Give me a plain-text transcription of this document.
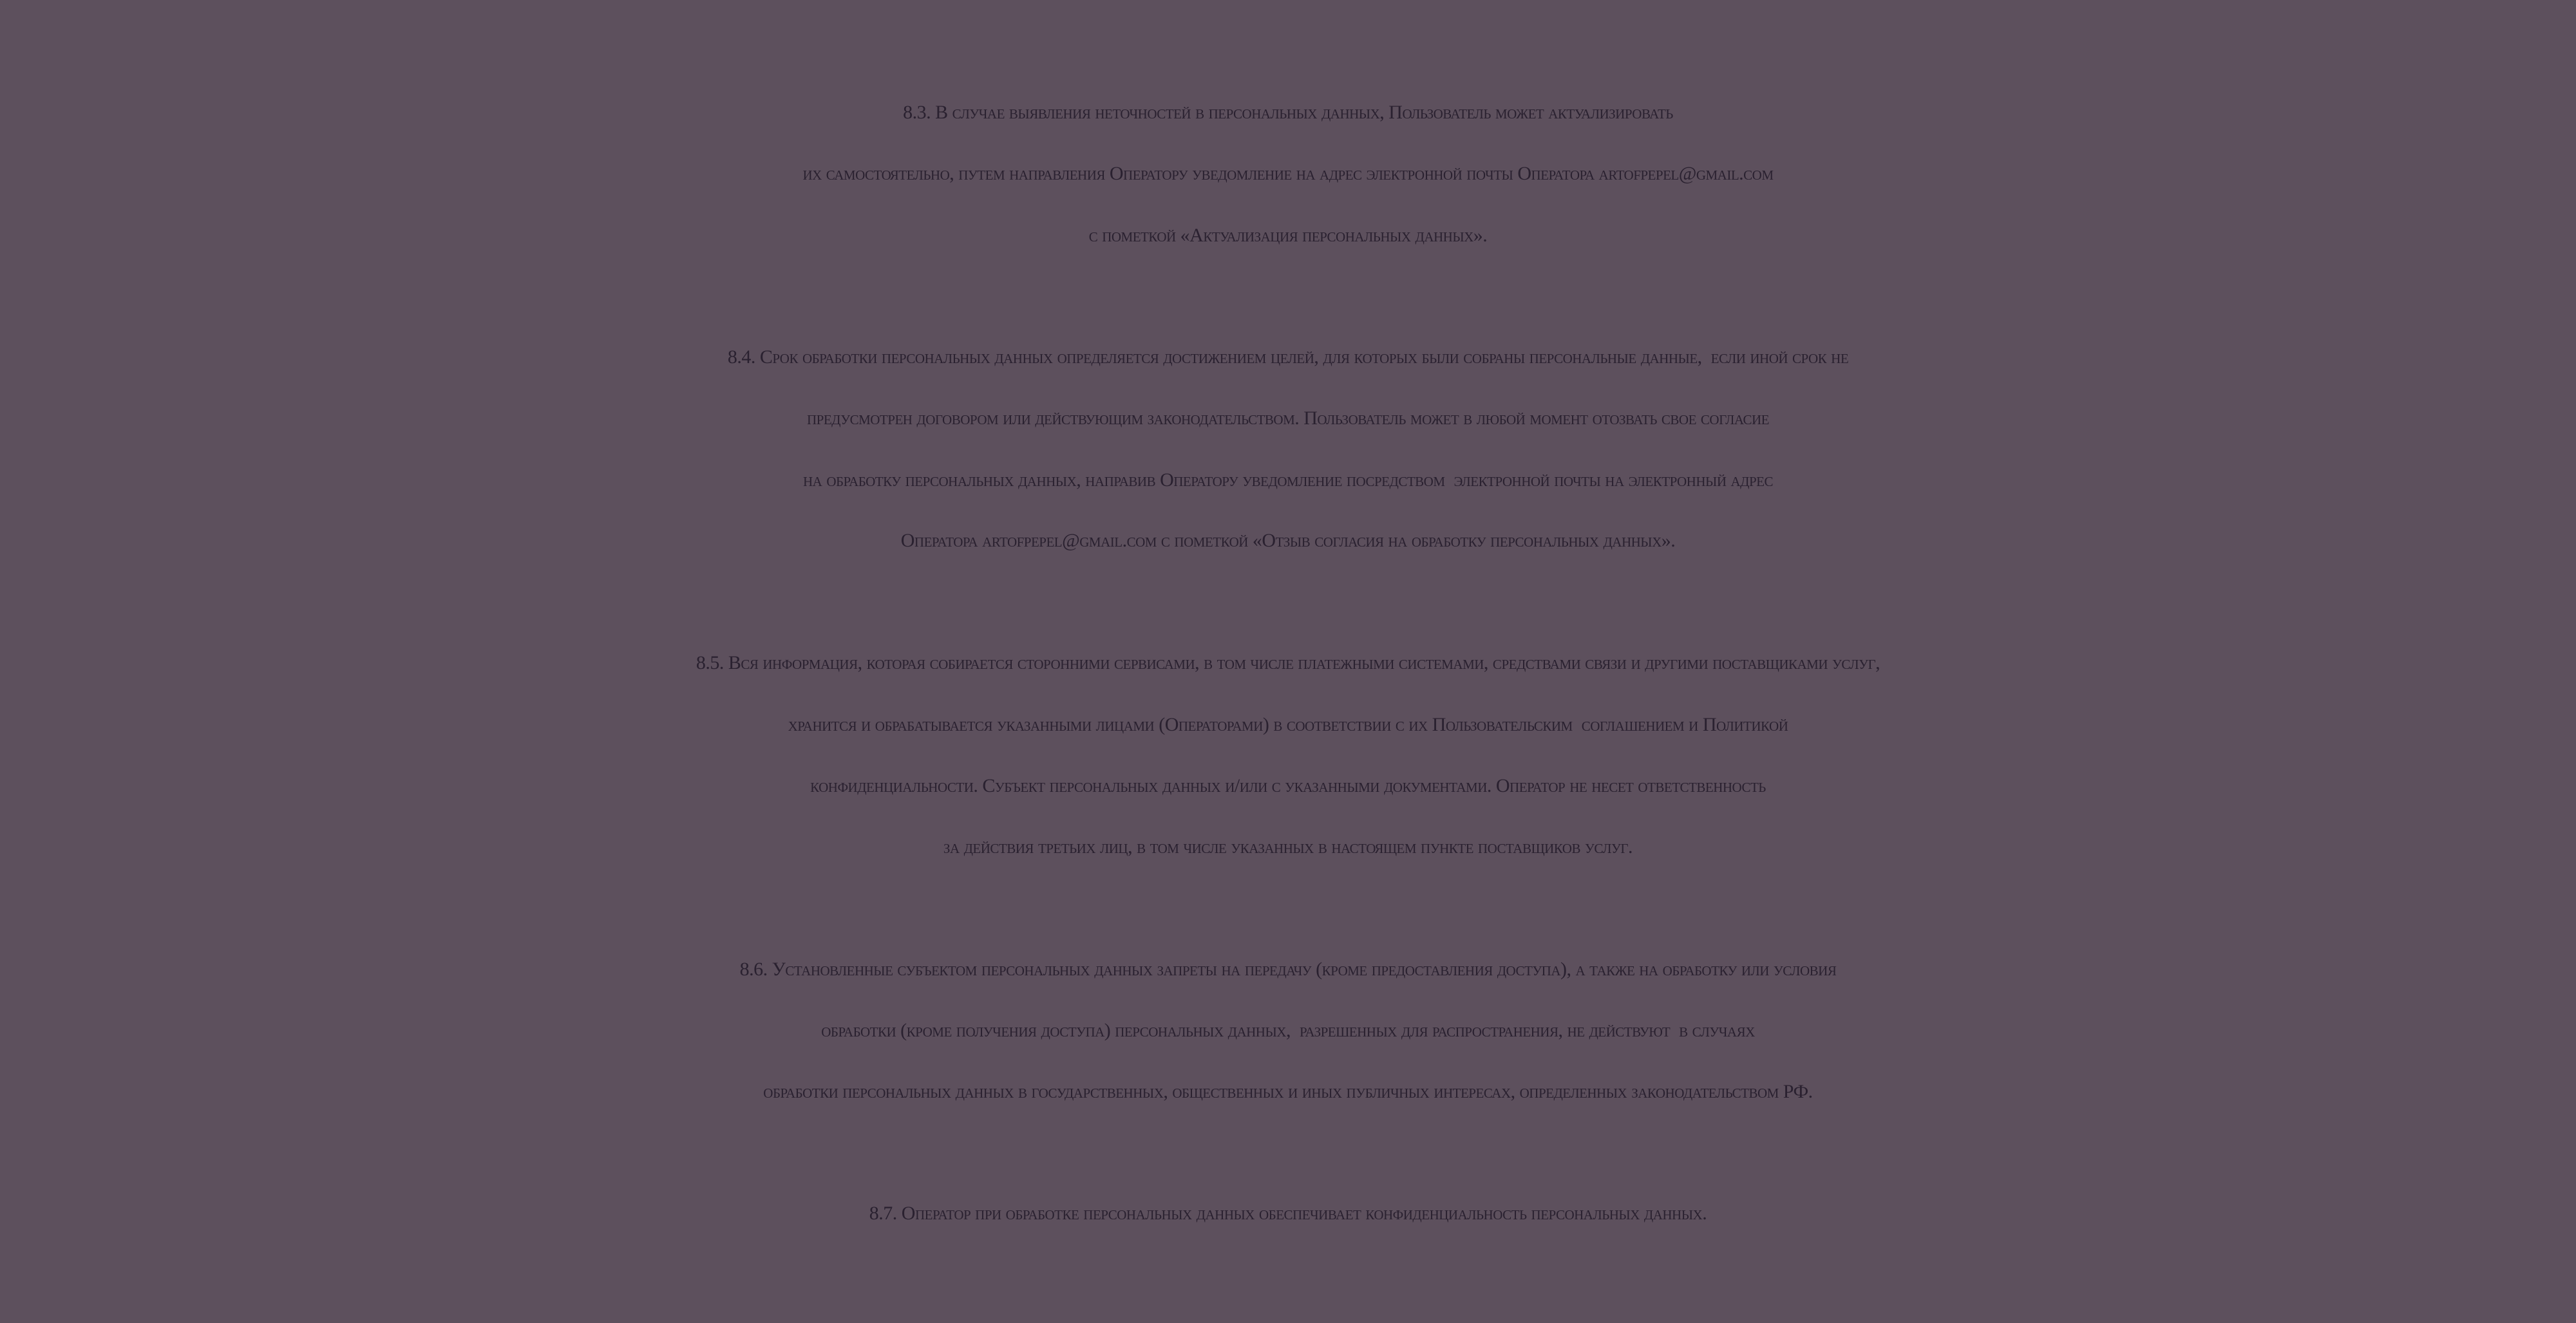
8.3. В случае выявления неточностей в персональных данных, Пользователь может актуализировать
их самостоятельно, путем направления Оператору уведомление на адрес электронной почты Оператора artofpepel@gmail.com
с пометкой «Актуализация персональных данных».
8.4. Срок обработки персональных данных определяется достижением целей, для которых были собраны персональные данные,  если иной срок не
предусмотрен договором или действующим законодательством. Пользователь может в любой момент отозвать свое согласие
на обработку персональных данных, направив Оператору уведомление посредством  электронной почты на электронный адрес
Оператора artofpepel@gmail.com с пометкой «Отзыв согласия на обработку персональных данных».
8.5. Вся информация, которая собирается сторонними сервисами, в том числе платежными системами, средствами связи и другими поставщиками услуг,
хранится и обрабатывается указанными лицами (Операторами) в соответствии с их Пользовательским  соглашением и Политикой
конфиденциальности. Субъект персональных данных и/или с указанными документами. Оператор не несет ответственность
за действия третьих лиц, в том числе указанных в настоящем пункте поставщиков услуг.
8.6. Установленные субъектом персональных данных запреты на передачу (кроме предоставления доступа), а также на обработку или условия
обработки (кроме получения доступа) персональных данных,  разрешенных для распространения, не действуют  в случаях
обработки персональных данных в государственных, общественных и иных публичных интересах, определенных законодательством РФ.
8.7. Оператор при обработке персональных данных обеспечивает конфиденциальность персональных данных.
